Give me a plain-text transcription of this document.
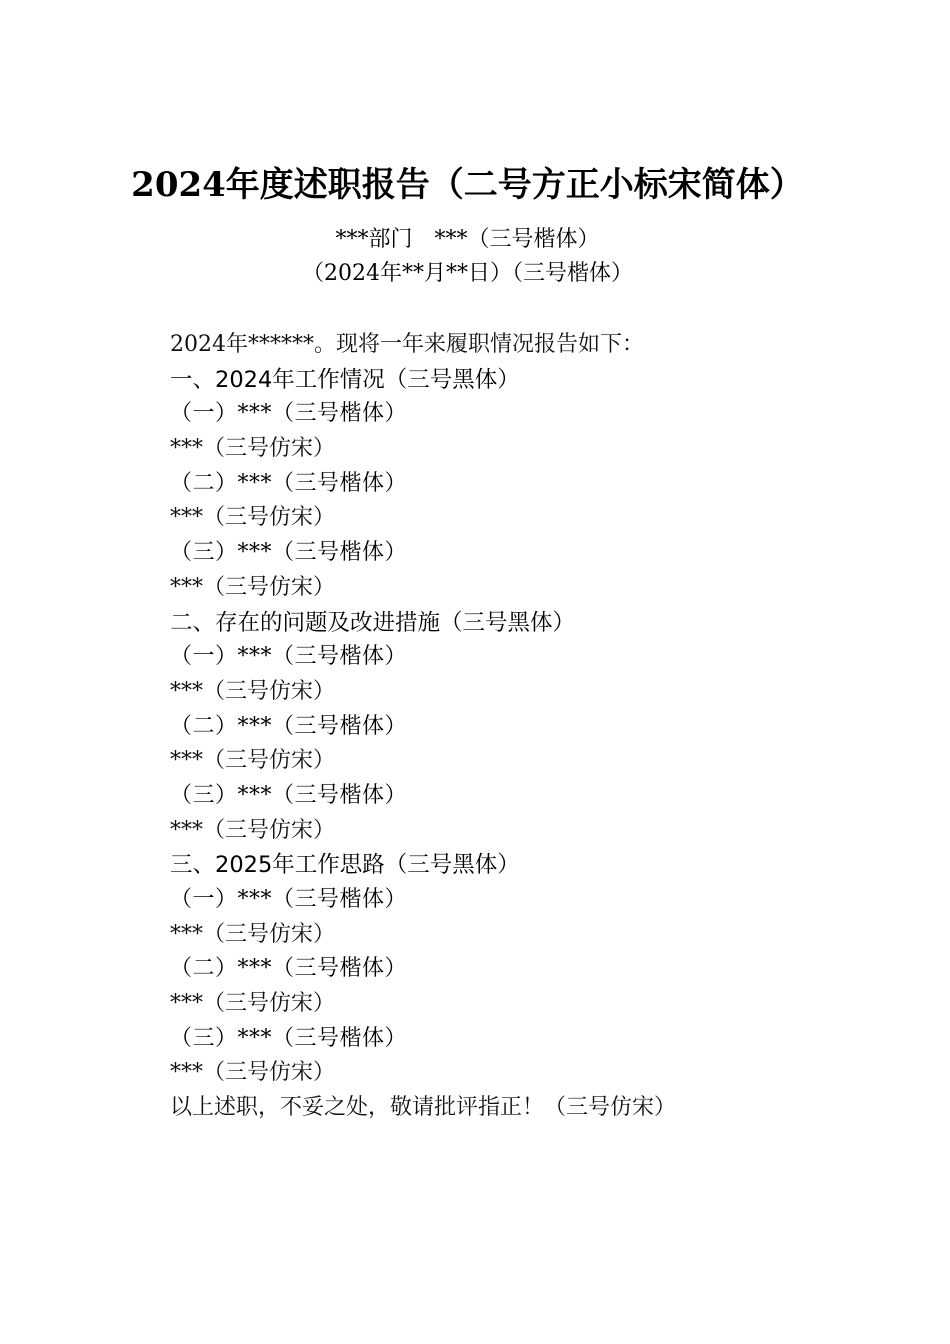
2024年度述职报告（二号方正小标宋简体）
***部门　***（三号楷体）
（2024年**月**日）（三号楷体）
2024年******。现将一年来履职情况报告如下：
一、2024年工作情况（三号黑体）
（一）***（三号楷体）
***（三号仿宋）
（二）***（三号楷体）
***（三号仿宋）
（三）***（三号楷体）
***（三号仿宋）
二、存在的问题及改进措施（三号黑体）
（一）***（三号楷体）
***（三号仿宋）
（二）***（三号楷体）
***（三号仿宋）
（三）***（三号楷体）
***（三号仿宋）
三、2025年工作思路（三号黑体）
（一）***（三号楷体）
***（三号仿宋）
（二）***（三号楷体）
***（三号仿宋）
（三）***（三号楷体）
***（三号仿宋）
以上述职，不妥之处，敬请批评指正！（三号仿宋）
